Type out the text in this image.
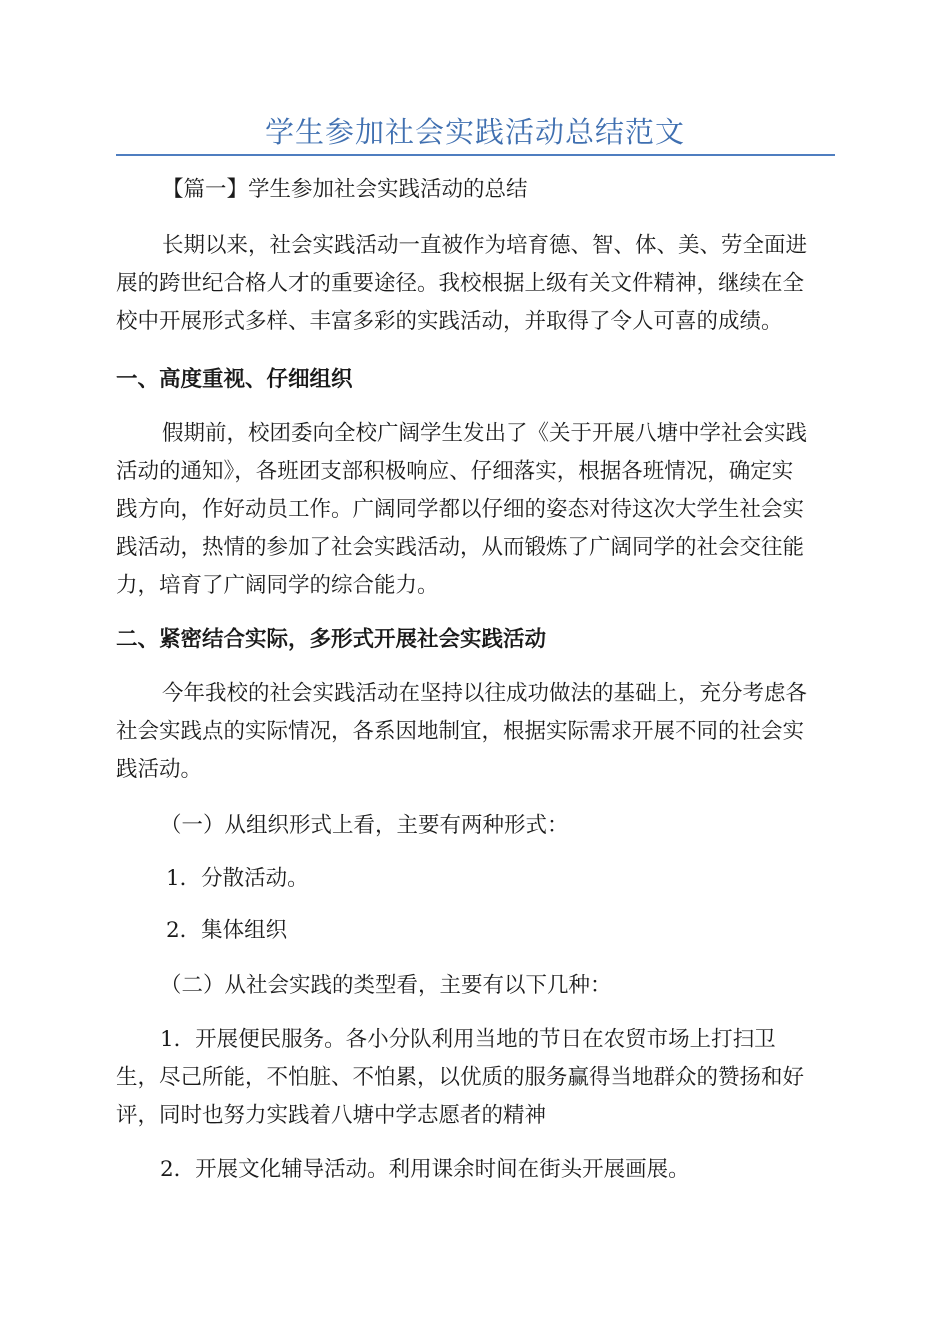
学生参加社会实践活动总结范文
【篇一】学生参加社会实践活动的总结
长期以来，社会实践活动一直被作为培育德、智、体、美、劳全面进
展的跨世纪合格人才的重要途径。我校根据上级有关文件精神，继续在全
校中开展形式多样、丰富多彩的实践活动，并取得了令人可喜的成绩。
一、高度重视、仔细组织
假期前，校团委向全校广阔学生发出了《关于开展八塘中学社会实践
活动的通知》，各班团支部积极响应、仔细落实，根据各班情况，确定实
践方向，作好动员工作。广阔同学都以仔细的姿态对待这次大学生社会实
践活动，热情的参加了社会实践活动，从而锻炼了广阔同学的社会交往能
力，培育了广阔同学的综合能力。
二、紧密结合实际，多形式开展社会实践活动
今年我校的社会实践活动在坚持以往成功做法的基础上，充分考虑各
社会实践点的实际情况，各系因地制宜，根据实际需求开展不同的社会实
践活动。
（一）从组织形式上看，主要有两种形式：
1．分散活动。
2．集体组织
（二）从社会实践的类型看，主要有以下几种：
1．开展便民服务。各小分队利用当地的节日在农贸市场上打扫卫
生，尽己所能，不怕脏、不怕累，以优质的服务赢得当地群众的赞扬和好
评，同时也努力实践着八塘中学志愿者的精神
2．开展文化辅导活动。利用课余时间在街头开展画展。
